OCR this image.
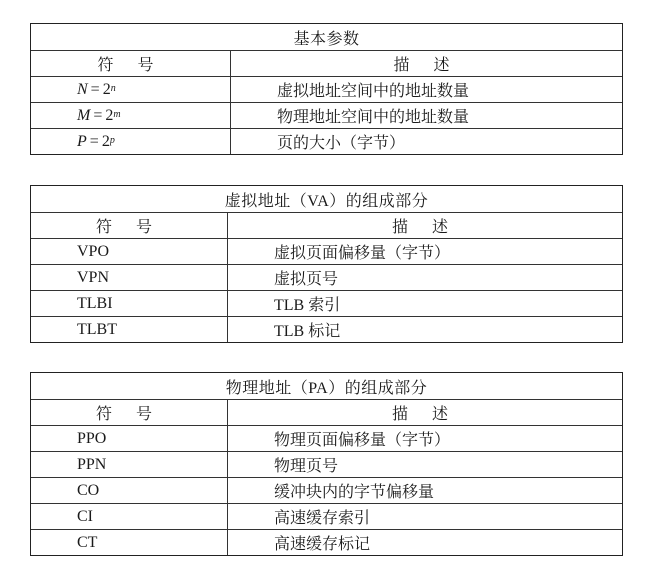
基本参数
符 号	描 述
$N = 2^n$	虚拟地址空间中的地址数量
$M = 2^m$	物理地址空间中的地址数量
$P = 2^p$	页的大小（字节）
虚拟地址（VA）的组成部分
符 号	描 述
VPO	虚拟页面偏移量（字节）
VPN	虚拟页号
TLBI	TLB 索引
TLBT	TLB 标记
物理地址（PA）的组成部分
符 号	描 述
PPO	物理页面偏移量（字节）
PPN	物理页号
CO	缓冲块内的字节偏移量
CI	高速缓存索引
CT	高速缓存标记
